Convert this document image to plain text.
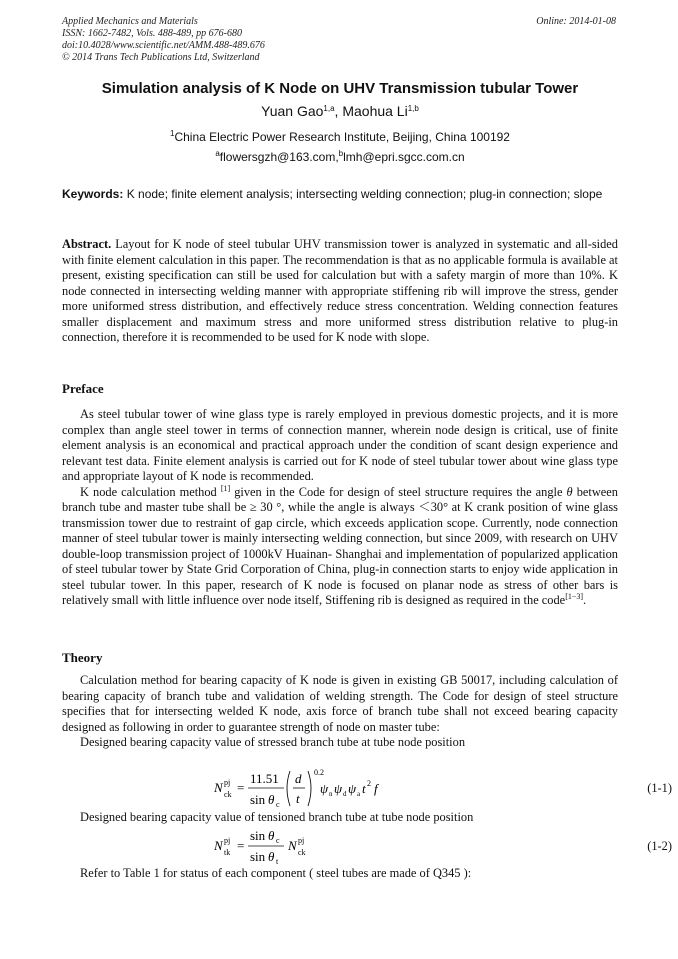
Applied Mechanics and Materials
ISSN: 1662-7482, Vols. 488-489, pp 676-680
doi:10.4028/www.scientific.net/AMM.488-489.676
© 2014 Trans Tech Publications Ltd, Switzerland
Online: 2014-01-08
Simulation analysis of K Node on UHV Transmission tubular Tower
Yuan Gao$^{1,a}$, Maohua Li$^{1,b}$
$^1$China Electric Power Research Institute, Beijing, China 100192
$^a$flowersgzh@163.com,$^b$lmh@epri.sgcc.com.cn
Keywords: K node; finite element analysis; intersecting welding connection; plug-in connection; slope
Abstract. Layout for K node of steel tubular UHV transmission tower is analyzed in systematic and all-sided with finite element calculation in this paper. The recommendation is that as no applicable formula is available at present, existing specification can still be used for calculation but with a safety margin of more than 10%. K node connected in intersecting welding manner with appropriate stiffening rib will improve the stress, gender more uniformed stress distribution, and effectively reduce stress concentration. Welding connection features smaller displacement and maximum stress and more uniformed stress distribution relative to plug-in connection, therefore it is recommended to be used for K node with slope.
Preface

As steel tubular tower of wine glass type is rarely employed in previous domestic projects, and it is more complex than angle steel tower in terms of connection manner, wherein node design is critical, use of finite element analysis is an economical and practical approach under the condition of scant design experience and relevant test data. Finite element analysis is carried out for K node of steel tubular tower about wine glass type and appropriate layout of K node is recommended.

K node calculation method [1] given in the Code for design of steel structure requires the angle θ between branch tube and master tube shall be ≥ 30 °, while the angle is always ＜30° at K crank position of wine glass transmission tower due to restraint of gap circle, which exceeds application scope. Currently, node connection manner of steel tubular tower is mainly intersecting welding connection, but since 2009, with research on UHV double-loop transmission project of 1000kV Huainan- Shanghai and implementation of popularized application of steel tubular tower by State Grid Corporation of China, plug-in connection starts to enjoy wide application in steel tubular tower. In this paper, research of K node is focused on planar node as stress of other bars is relatively small with little influence over node itself, Stiffening rib is designed as required in the code[1−3].

Theory

Calculation method for bearing capacity of K node is given in existing GB 50017, including calculation of bearing capacity of branch tube and validation of welding strength. The Code for design of steel structure specifies that for intersecting welded K node, axis force of branch tube shall not exceed bearing capacity designed as following in order to guarantee strength of node on master tube:

Designed bearing capacity value of stressed branch tube at tube node position

N pj
ck =
11.51
sin θ c
d
t
0.2
ψ n ψ d ψ a t 2 f	(1-1)

Designed bearing capacity value of tensioned branch tube at tube node position

N pj
tk =
sin θ c
sin θ t
N pj
ck	(1-2)

Refer to Table 1 for status of each component ( steel tubes are made of Q345 ):
